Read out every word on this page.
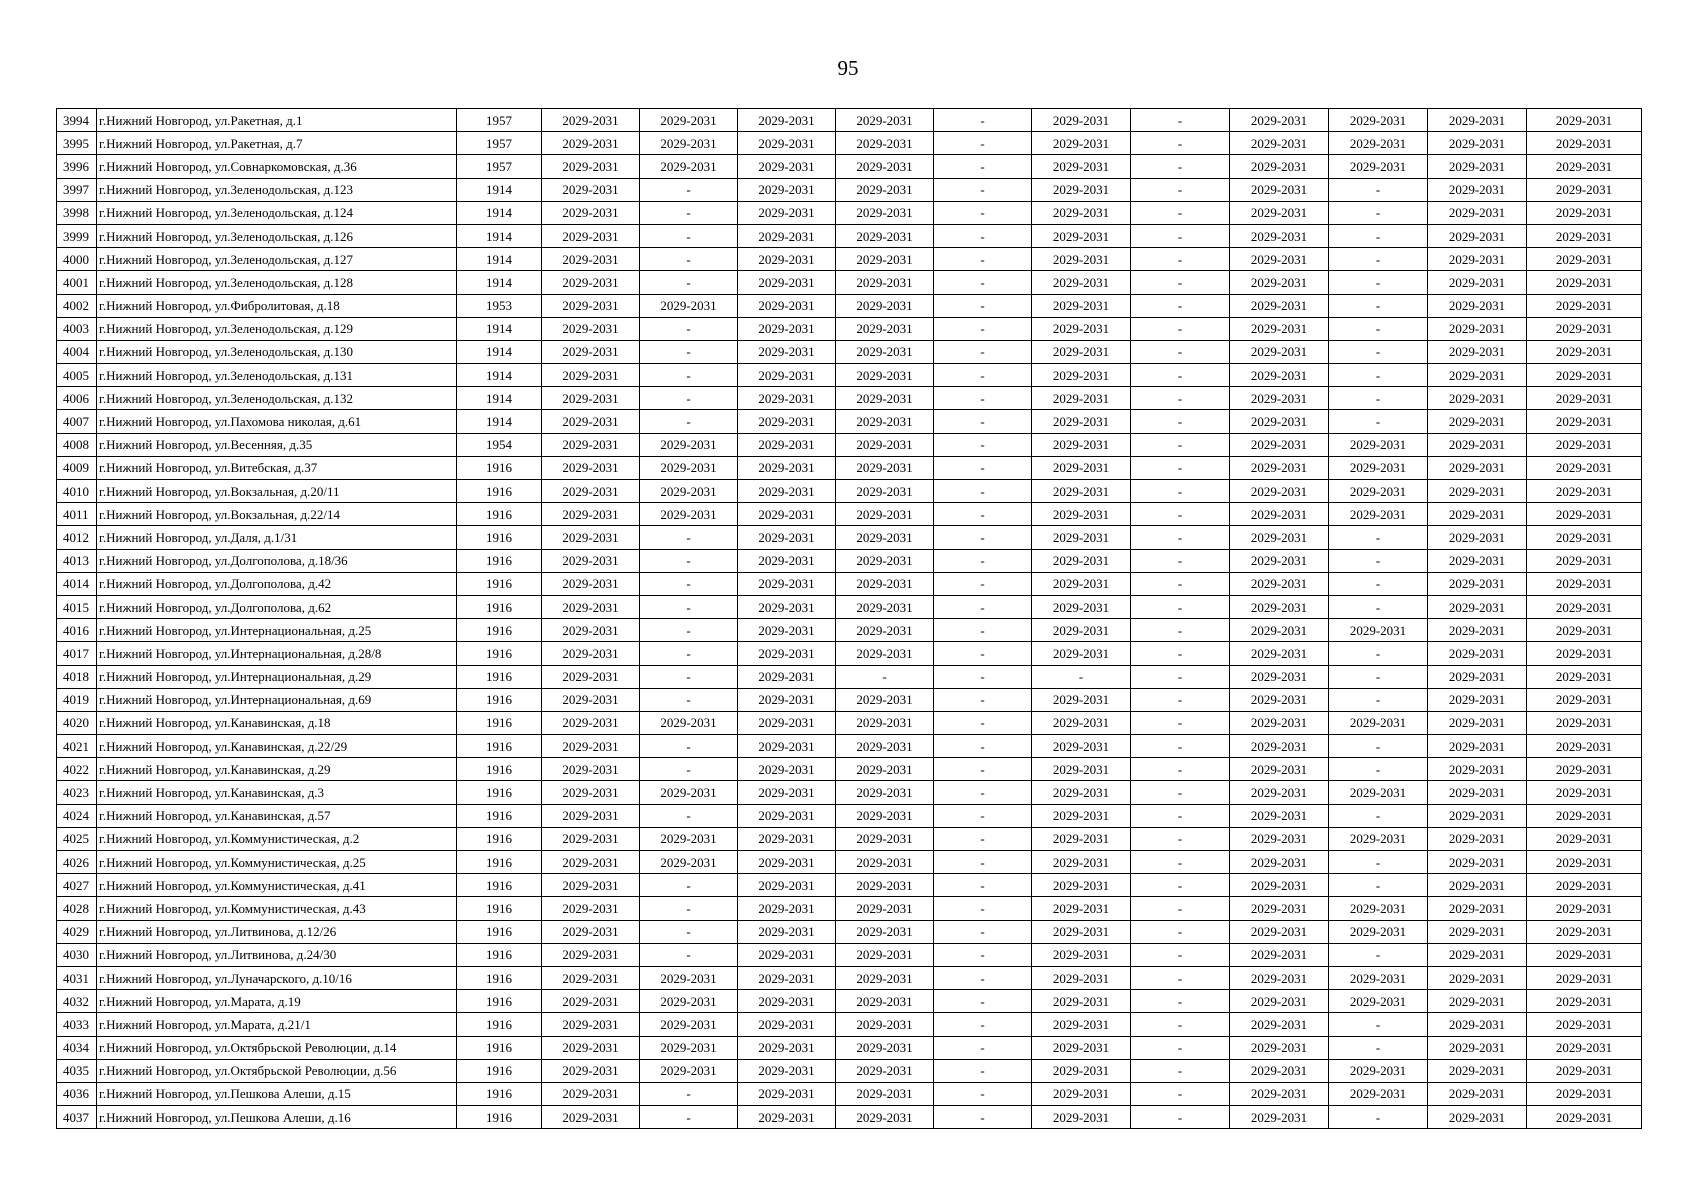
95
3994	г.Нижний Новгород, ул.Ракетная, д.1	1957	2029-2031	2029-2031	2029-2031	2029-2031	-	2029-2031	-	2029-2031	2029-2031	2029-2031	2029-2031
3995	г.Нижний Новгород, ул.Ракетная, д.7	1957	2029-2031	2029-2031	2029-2031	2029-2031	-	2029-2031	-	2029-2031	2029-2031	2029-2031	2029-2031
3996	г.Нижний Новгород, ул.Совнаркомовская, д.36	1957	2029-2031	2029-2031	2029-2031	2029-2031	-	2029-2031	-	2029-2031	2029-2031	2029-2031	2029-2031
3997	г.Нижний Новгород, ул.Зеленодольская, д.123	1914	2029-2031	-	2029-2031	2029-2031	-	2029-2031	-	2029-2031	-	2029-2031	2029-2031
3998	г.Нижний Новгород, ул.Зеленодольская, д.124	1914	2029-2031	-	2029-2031	2029-2031	-	2029-2031	-	2029-2031	-	2029-2031	2029-2031
3999	г.Нижний Новгород, ул.Зеленодольская, д.126	1914	2029-2031	-	2029-2031	2029-2031	-	2029-2031	-	2029-2031	-	2029-2031	2029-2031
4000	г.Нижний Новгород, ул.Зеленодольская, д.127	1914	2029-2031	-	2029-2031	2029-2031	-	2029-2031	-	2029-2031	-	2029-2031	2029-2031
4001	г.Нижний Новгород, ул.Зеленодольская, д.128	1914	2029-2031	-	2029-2031	2029-2031	-	2029-2031	-	2029-2031	-	2029-2031	2029-2031
4002	г.Нижний Новгород, ул.Фибролитовая, д.18	1953	2029-2031	2029-2031	2029-2031	2029-2031	-	2029-2031	-	2029-2031	-	2029-2031	2029-2031
4003	г.Нижний Новгород, ул.Зеленодольская, д.129	1914	2029-2031	-	2029-2031	2029-2031	-	2029-2031	-	2029-2031	-	2029-2031	2029-2031
4004	г.Нижний Новгород, ул.Зеленодольская, д.130	1914	2029-2031	-	2029-2031	2029-2031	-	2029-2031	-	2029-2031	-	2029-2031	2029-2031
4005	г.Нижний Новгород, ул.Зеленодольская, д.131	1914	2029-2031	-	2029-2031	2029-2031	-	2029-2031	-	2029-2031	-	2029-2031	2029-2031
4006	г.Нижний Новгород, ул.Зеленодольская, д.132	1914	2029-2031	-	2029-2031	2029-2031	-	2029-2031	-	2029-2031	-	2029-2031	2029-2031
4007	г.Нижний Новгород, ул.Пахомова николая, д.61	1914	2029-2031	-	2029-2031	2029-2031	-	2029-2031	-	2029-2031	-	2029-2031	2029-2031
4008	г.Нижний Новгород, ул.Весенняя, д.35	1954	2029-2031	2029-2031	2029-2031	2029-2031	-	2029-2031	-	2029-2031	2029-2031	2029-2031	2029-2031
4009	г.Нижний Новгород, ул.Витебская, д.37	1916	2029-2031	2029-2031	2029-2031	2029-2031	-	2029-2031	-	2029-2031	2029-2031	2029-2031	2029-2031
4010	г.Нижний Новгород, ул.Вокзальная, д.20/11	1916	2029-2031	2029-2031	2029-2031	2029-2031	-	2029-2031	-	2029-2031	2029-2031	2029-2031	2029-2031
4011	г.Нижний Новгород, ул.Вокзальная, д.22/14	1916	2029-2031	2029-2031	2029-2031	2029-2031	-	2029-2031	-	2029-2031	2029-2031	2029-2031	2029-2031
4012	г.Нижний Новгород, ул.Даля, д.1/31	1916	2029-2031	-	2029-2031	2029-2031	-	2029-2031	-	2029-2031	-	2029-2031	2029-2031
4013	г.Нижний Новгород, ул.Долгополова, д.18/36	1916	2029-2031	-	2029-2031	2029-2031	-	2029-2031	-	2029-2031	-	2029-2031	2029-2031
4014	г.Нижний Новгород, ул.Долгополова, д.42	1916	2029-2031	-	2029-2031	2029-2031	-	2029-2031	-	2029-2031	-	2029-2031	2029-2031
4015	г.Нижний Новгород, ул.Долгополова, д.62	1916	2029-2031	-	2029-2031	2029-2031	-	2029-2031	-	2029-2031	-	2029-2031	2029-2031
4016	г.Нижний Новгород, ул.Интернациональная, д.25	1916	2029-2031	-	2029-2031	2029-2031	-	2029-2031	-	2029-2031	2029-2031	2029-2031	2029-2031
4017	г.Нижний Новгород, ул.Интернациональная, д.28/8	1916	2029-2031	-	2029-2031	2029-2031	-	2029-2031	-	2029-2031	-	2029-2031	2029-2031
4018	г.Нижний Новгород, ул.Интернациональная, д.29	1916	2029-2031	-	2029-2031	-	-	-	-	2029-2031	-	2029-2031	2029-2031
4019	г.Нижний Новгород, ул.Интернациональная, д.69	1916	2029-2031	-	2029-2031	2029-2031	-	2029-2031	-	2029-2031	-	2029-2031	2029-2031
4020	г.Нижний Новгород, ул.Канавинская, д.18	1916	2029-2031	2029-2031	2029-2031	2029-2031	-	2029-2031	-	2029-2031	2029-2031	2029-2031	2029-2031
4021	г.Нижний Новгород, ул.Канавинская, д.22/29	1916	2029-2031	-	2029-2031	2029-2031	-	2029-2031	-	2029-2031	-	2029-2031	2029-2031
4022	г.Нижний Новгород, ул.Канавинская, д.29	1916	2029-2031	-	2029-2031	2029-2031	-	2029-2031	-	2029-2031	-	2029-2031	2029-2031
4023	г.Нижний Новгород, ул.Канавинская, д.3	1916	2029-2031	2029-2031	2029-2031	2029-2031	-	2029-2031	-	2029-2031	2029-2031	2029-2031	2029-2031
4024	г.Нижний Новгород, ул.Канавинская, д.57	1916	2029-2031	-	2029-2031	2029-2031	-	2029-2031	-	2029-2031	-	2029-2031	2029-2031
4025	г.Нижний Новгород, ул.Коммунистическая, д.2	1916	2029-2031	2029-2031	2029-2031	2029-2031	-	2029-2031	-	2029-2031	2029-2031	2029-2031	2029-2031
4026	г.Нижний Новгород, ул.Коммунистическая, д.25	1916	2029-2031	2029-2031	2029-2031	2029-2031	-	2029-2031	-	2029-2031	-	2029-2031	2029-2031
4027	г.Нижний Новгород, ул.Коммунистическая, д.41	1916	2029-2031	-	2029-2031	2029-2031	-	2029-2031	-	2029-2031	-	2029-2031	2029-2031
4028	г.Нижний Новгород, ул.Коммунистическая, д.43	1916	2029-2031	-	2029-2031	2029-2031	-	2029-2031	-	2029-2031	2029-2031	2029-2031	2029-2031
4029	г.Нижний Новгород, ул.Литвинова, д.12/26	1916	2029-2031	-	2029-2031	2029-2031	-	2029-2031	-	2029-2031	2029-2031	2029-2031	2029-2031
4030	г.Нижний Новгород, ул.Литвинова, д.24/30	1916	2029-2031	-	2029-2031	2029-2031	-	2029-2031	-	2029-2031	-	2029-2031	2029-2031
4031	г.Нижний Новгород, ул.Луначарского, д.10/16	1916	2029-2031	2029-2031	2029-2031	2029-2031	-	2029-2031	-	2029-2031	2029-2031	2029-2031	2029-2031
4032	г.Нижний Новгород, ул.Марата, д.19	1916	2029-2031	2029-2031	2029-2031	2029-2031	-	2029-2031	-	2029-2031	2029-2031	2029-2031	2029-2031
4033	г.Нижний Новгород, ул.Марата, д.21/1	1916	2029-2031	2029-2031	2029-2031	2029-2031	-	2029-2031	-	2029-2031	-	2029-2031	2029-2031
4034	г.Нижний Новгород, ул.Октябрьской Революции, д.14	1916	2029-2031	2029-2031	2029-2031	2029-2031	-	2029-2031	-	2029-2031	-	2029-2031	2029-2031
4035	г.Нижний Новгород, ул.Октябрьской Революции, д.56	1916	2029-2031	2029-2031	2029-2031	2029-2031	-	2029-2031	-	2029-2031	2029-2031	2029-2031	2029-2031
4036	г.Нижний Новгород, ул.Пешкова Алеши, д.15	1916	2029-2031	-	2029-2031	2029-2031	-	2029-2031	-	2029-2031	2029-2031	2029-2031	2029-2031
4037	г.Нижний Новгород, ул.Пешкова Алеши, д.16	1916	2029-2031	-	2029-2031	2029-2031	-	2029-2031	-	2029-2031	-	2029-2031	2029-2031
